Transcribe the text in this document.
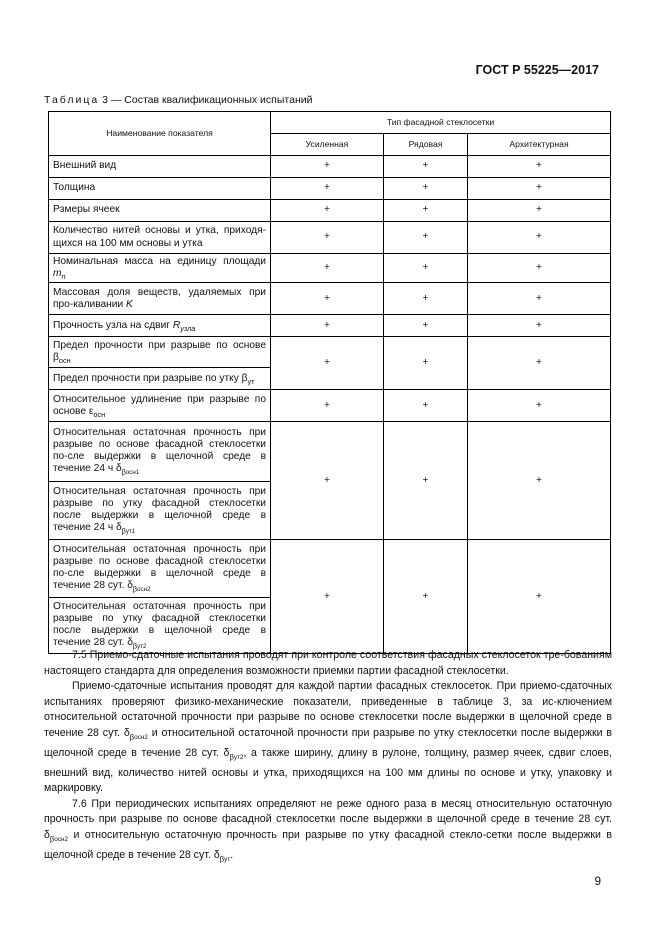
ГОСТ Р 55225—2017
Таблица 3 — Состав квалификационных испытаний
Наименование показателя	Тип фасадной стеклосетки		
	Усиленная	Рядовая	Архитектурная
Внешний вид	+	+	+
Толщина	+	+	+
Рзмеры ячеек	+	+	+
Количество нитей основы и утка, приходя-щихся на 100 мм основы и утка	+	+	+
Номинальная масса на единицу площади $m_n$	+	+	+
Массовая доля веществ, удаляемых при про-каливании K	+	+	+
Прочность узла на сдвиг $R_{узла}$	+	+	+
Предел прочности при разрыве по основе $\beta_{осн}$	+	+	+
Предел прочности при разрыве по утку $\beta_{ут}$
Относительное удлинение при разрыве по основе $\varepsilon_{осн}$	+	+	+
Относительная остаточная прочность при разрыве по основе фасадной стеклосетки по-сле выдержки в щелочной среде в течение 24 ч $\delta_{\beta осн1}$	+	+	+
Относительная остаточная прочность при разрыве по утку фасадной стеклосетки после выдержки в щелочной среде в течение 24 ч $\delta_{\beta ут1}$
Относительная остаточная прочность при разрыве по основе фасадной стеклосетки по-сле выдержки в щелочной среде в течение 28 сут. $\delta_{\beta осн2}$	+	+	+
Относительная остаточная прочность при разрыве по утку фасадной стеклосетки после выдержки в щелочной среде в течение 28 сут. $\delta_{\beta ут2}$

7.5 Приемо-сдаточные испытания проводят при контроле соответствия фасадных стеклосеток тре-бованиям настоящего стандарта для определения возможности приемки партии фасадной стеклосетки.

Приемо-сдаточные испытания проводят для каждой партии фасадных стеклосеток. При приемо-сдаточных испытаниях проверяют физико-механические показатели, приведенные в таблице 3, за ис-ключением относительной остаточной прочности при разрыве по основе стеклосетки после выдержки в щелочной среде в течение 28 сут. $\delta_{\beta осн2}$ и относительной остаточной прочности при разрыве по утку стеклосетки после выдержки в щелочной среде в течение 28 сут. $\delta_{\beta ут2}$, а также ширину, длину в рулоне, толщину, размер ячеек, сдвиг слоев, внешний вид, количество нитей основы и утка, приходящихся на 100 мм длины по основе и утку, упаковку и маркировку.

7.6 При периодических испытаниях определяют не реже одного раза в месяц относительную остаточную прочность при разрыве по основе фасадной стеклосетки после выдержки в щелочной среде в течение 28 сут. $\delta_{\beta осн2}$ и относительную остаточную прочность при разрыве по утку фасадной стекло-сетки после выдержки в щелочной среде в течение 28 сут. $\delta_{\beta ут}$.

9
